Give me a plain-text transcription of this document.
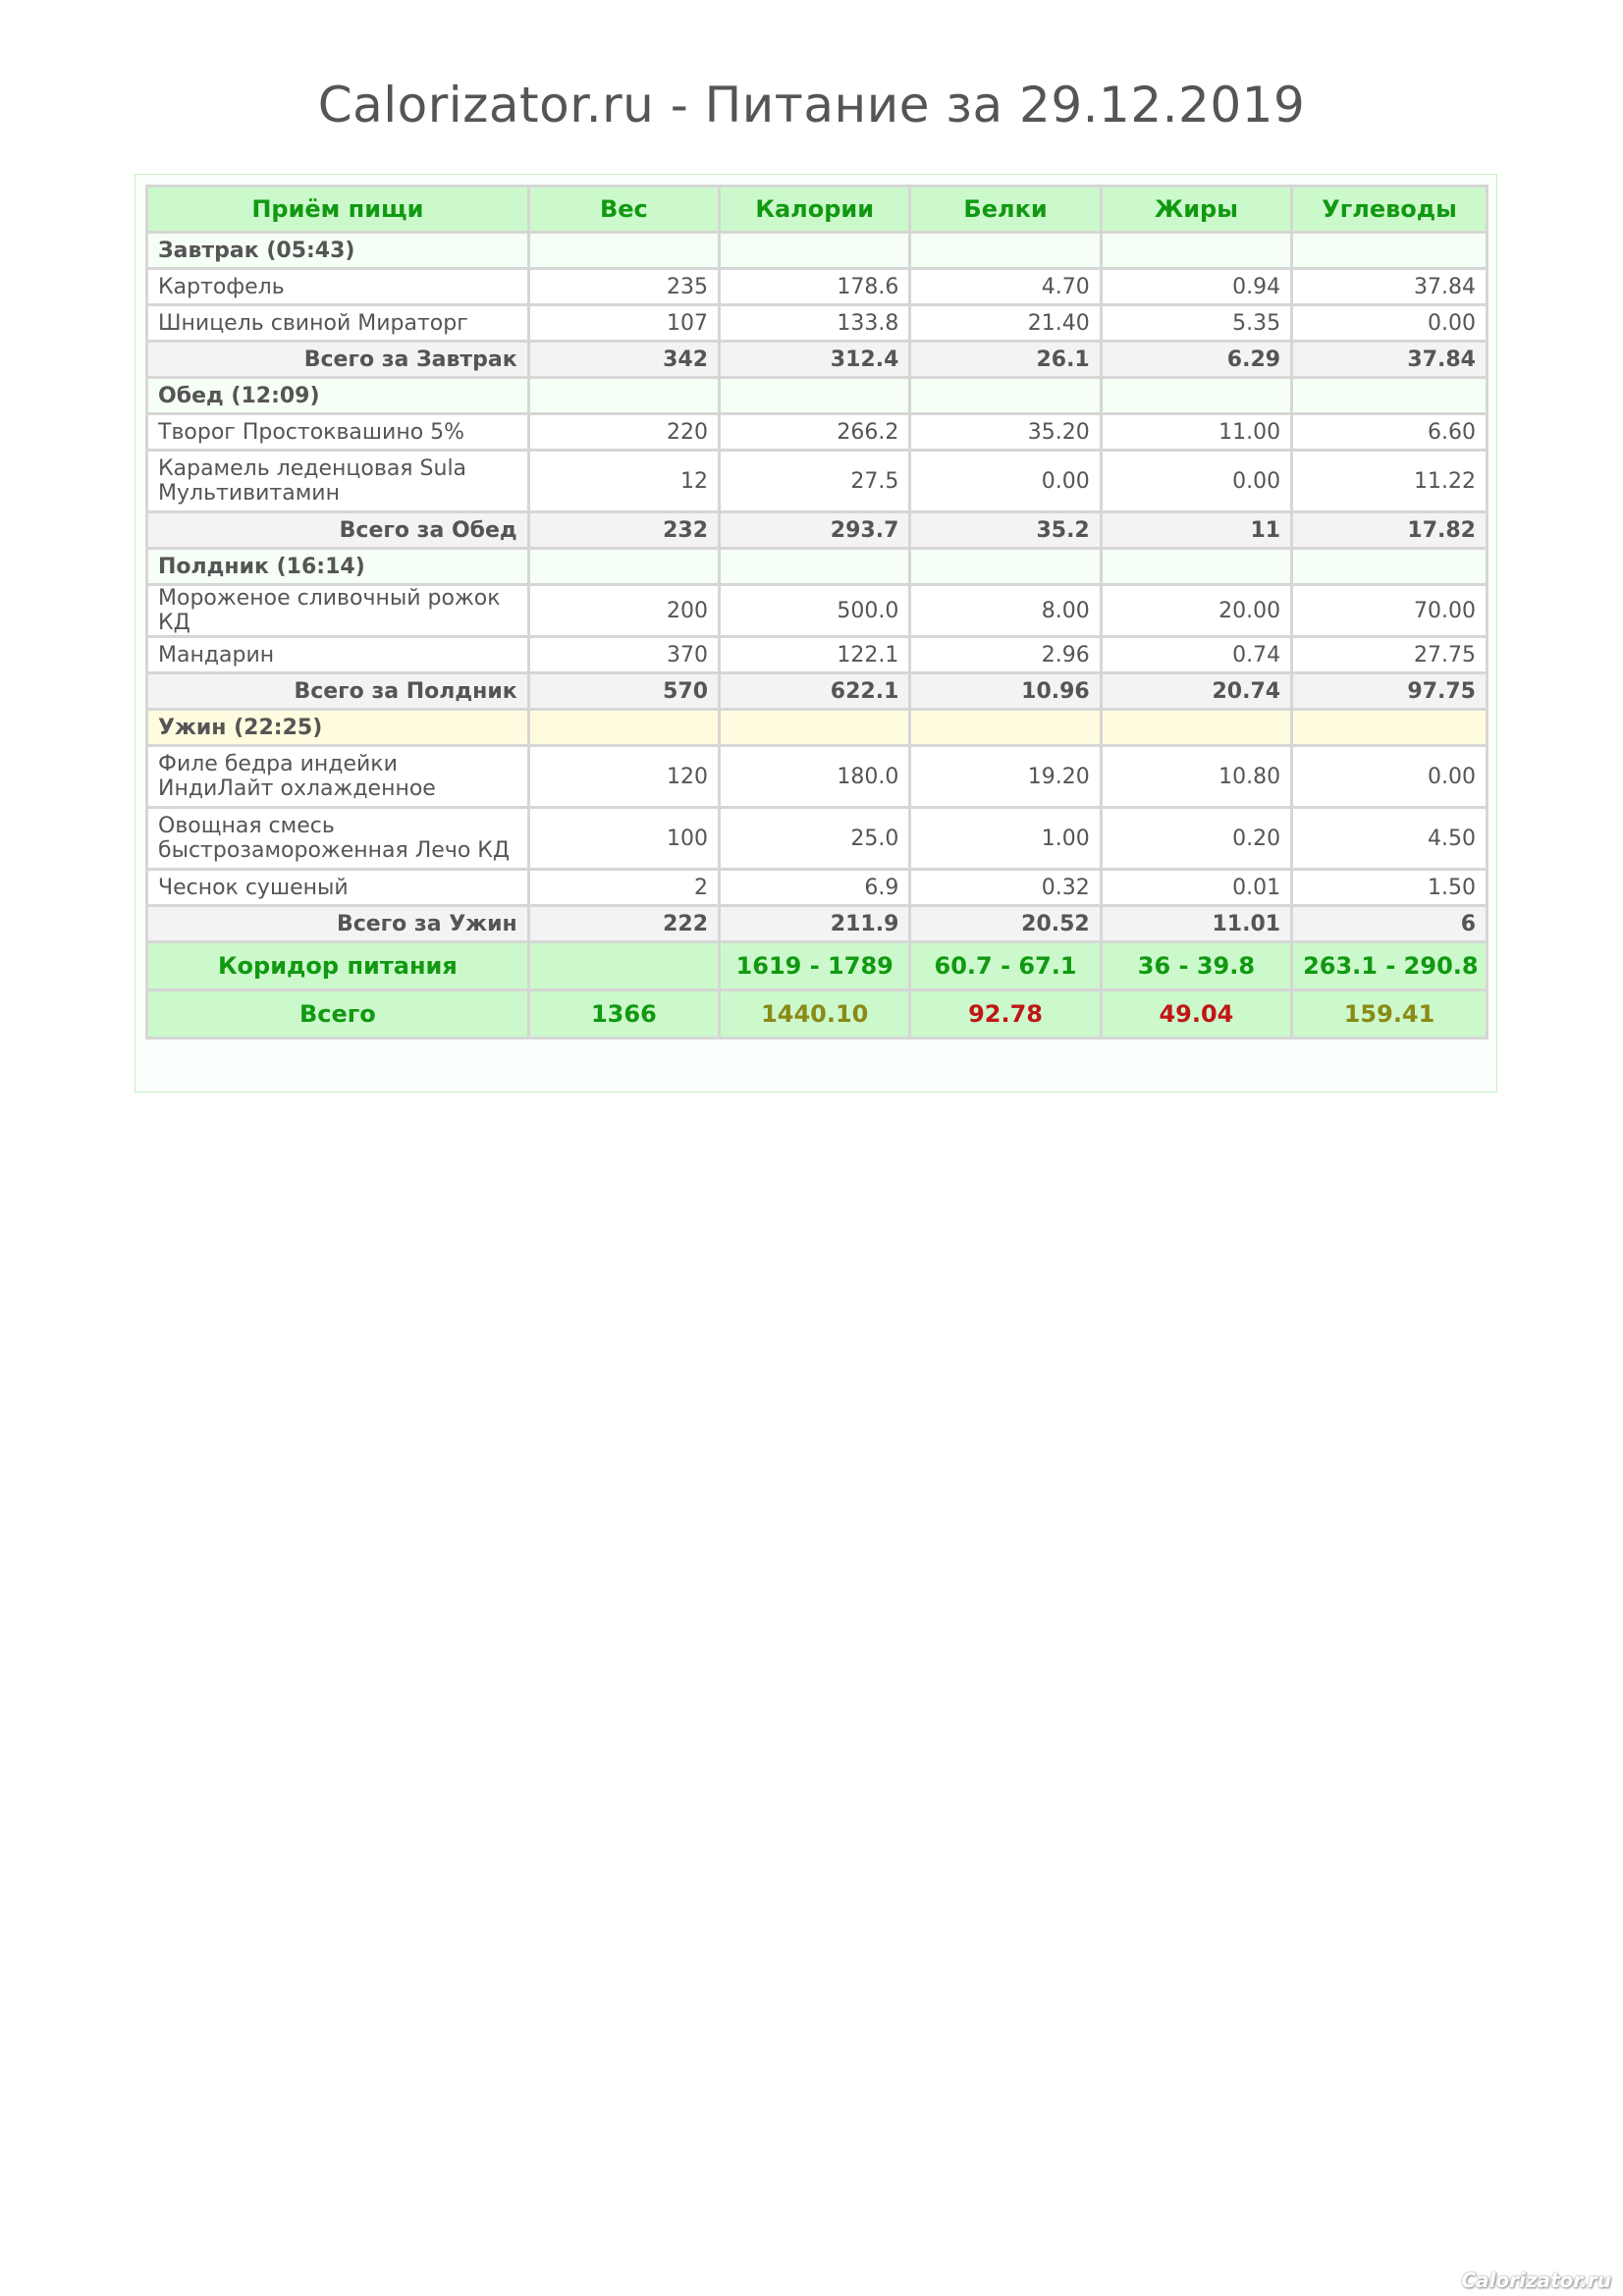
Calorizator.ru - Питание за 29.12.2019
Приём пищи	Вес	Калории	Белки	Жиры	Углеводы
Завтрак (05:43)					
Картофель	235	178.6	4.70	0.94	37.84
Шницель свиной Мираторг	107	133.8	21.40	5.35	0.00
Всего за Завтрак	342	312.4	26.1	6.29	37.84
Обед (12:09)					
Творог Простоквашино 5%	220	266.2	35.20	11.00	6.60
Карамель леденцовая Sula Мультивитамин	12	27.5	0.00	0.00	11.22
Всего за Обед	232	293.7	35.2	11	17.82
Полдник (16:14)					
Мороженое сливочный рожок КД	200	500.0	8.00	20.00	70.00
Мандарин	370	122.1	2.96	0.74	27.75
Всего за Полдник	570	622.1	10.96	20.74	97.75
Ужин (22:25)					
Филе бедра индейки ИндиЛайт охлажденное	120	180.0	19.20	10.80	0.00
Овощная смесь быстрозамороженная Лечо КД	100	25.0	1.00	0.20	4.50
Чеснок сушеный	2	6.9	0.32	0.01	1.50
Всего за Ужин	222	211.9	20.52	11.01	6
Коридор питания		1619 - 1789	60.7 - 67.1	36 - 39.8	263.1 - 290.8
Всего	1366	1440.10	92.78	49.04	159.41
Calorizator.ru
